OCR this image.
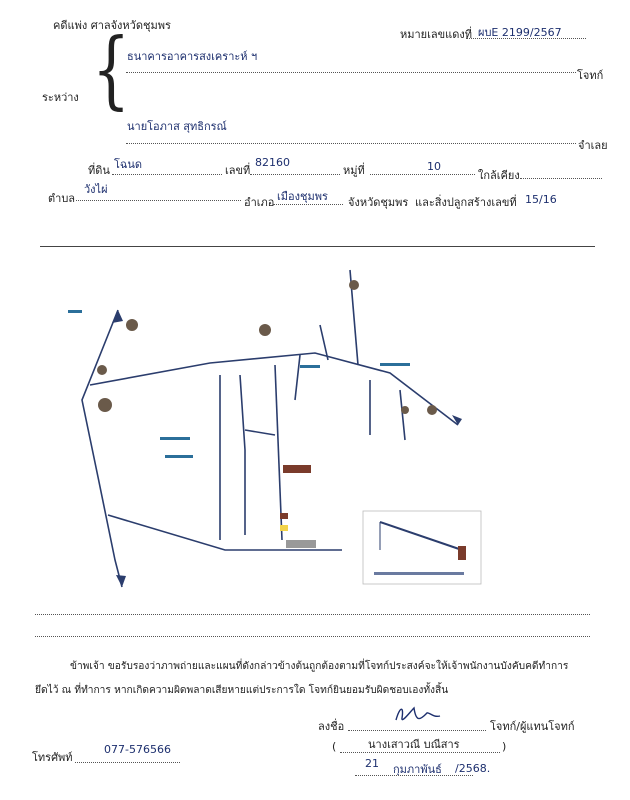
คดีแพ่ง ศาลจังหวัดชุมพร
หมายเลขแดงที่ ผบE 2199/2567
ระหว่าง {
ธนาคารอาคารสงเคราะห์ ฯ
โจทก์
นายโอภาส สุทธิกรณ์
จำเลย
ที่ดิน โฉนด	เลขที่
82160
หมู่ที่	10
ใกล้เคียง
ตำบล
วังไผ่
อำเภอ เมืองชุมพร จังหวัดชุมพร และสิ่งปลูกสร้างเลขที่ 15/16
ข้าพเจ้า ขอรับรองว่าภาพถ่ายและแผนที่ดังกล่าวข้างต้นถูกต้องตามที่โจทก์ประสงค์จะให้เจ้าพนักงานบังคับคดีทำการ
ยึดไว้ ณ ที่ทำการ หากเกิดความผิดพลาดเสียหายแต่ประการใด โจทก์ยินยอมรับผิดชอบเองทั้งสิ้น
ลงชื่อ	โจทก์/ผู้แทนโจทก์
(	นางเสาวณี บณีสาร	)
โทรศัพท์
077-576566
21 กุมภาพันธ์ /2568.
